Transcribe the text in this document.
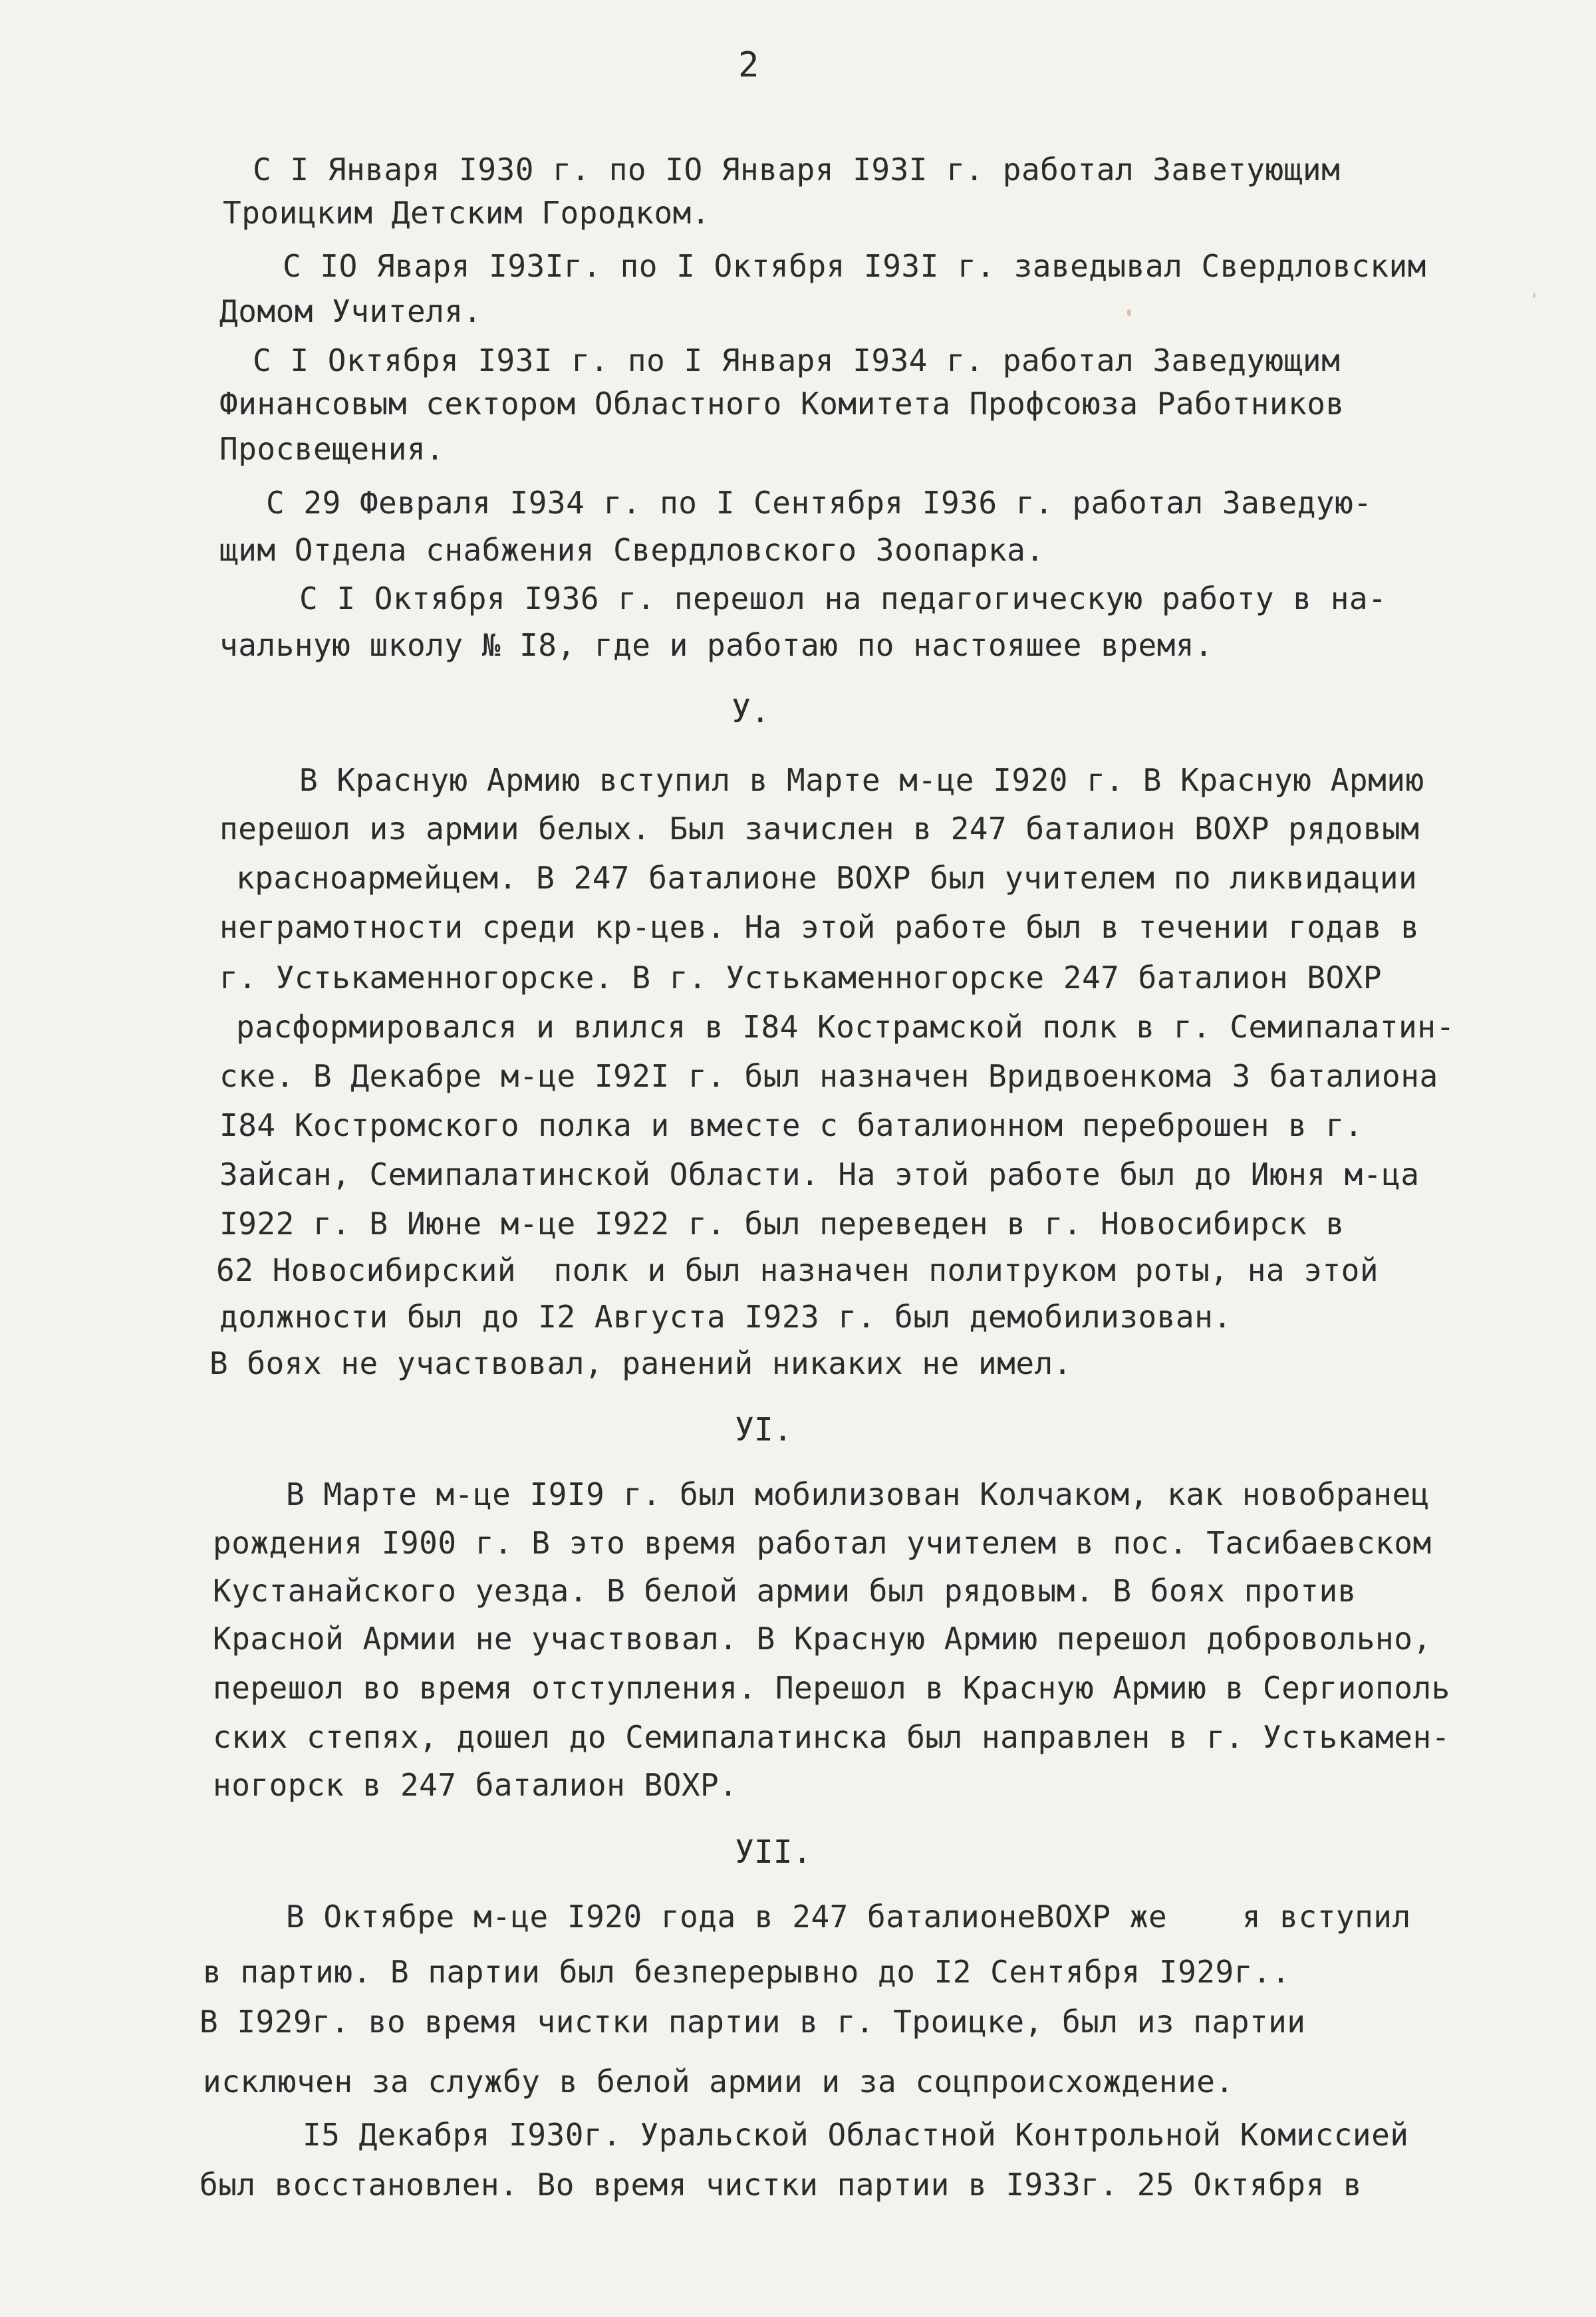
2
С I Января I930 г. по IO Января I93I г. работал Заветующим
Троицким Детским Городком.
С IO Яваря I93Iг. по I Октября I93I г. заведывал Свердловским
Домом Учителя.
С I Октября I93I г. по I Января I934 г. работал Заведующим
Финансовым сектором Областного Комитета Профсоюза Работников
Просвещения.
С 29 Февраля I934 г. по I Сентября I936 г. работал Заведую-
щим Отдела снабжения Свердловского Зоопарка.
С I Октября I936 г. перешол на педагогическую работу в на-
чальную школу № I8, где и работаю по настояшее время.
У.
В Красную Армию вступил в Марте м-це I920 г. В Красную Армию
перешол из армии белых. Был зачислен в 247 баталион ВОХР рядовым
красноармейцем. В 247 баталионе ВОХР был учителем по ликвидации
неграмотности среди кр-цев. На этой работе был в течении годав в
г. Устькаменногорске. В г. Устькаменногорске 247 баталион ВОХР
расформировался и влился в I84 Кострамской полк в г. Семипалатин-
ске. В Декабре м-це I92I г. был назначен Вридвоенкома 3 баталиона
I84 Костромского полка и вместе с баталионном переброшен в г.
Зайсан, Семипалатинской Области. На этой работе был до Июня м-ца
I922 г. В Июне м-це I922 г. был переведен в г. Новосибирск в
62 Новосибирский  полк и был назначен политруком роты, на этой
должности был до I2 Августа I923 г. был демобилизован.
В боях не участвовал, ранений никаких не имел.
УI.
В Марте м-це I9I9 г. был мобилизован Колчаком, как новобранец
рождения I900 г. В это время работал учителем в пос. Тасибаевском
Кустанайского уезда. В белой армии был рядовым. В боях против
Красной Армии не участвовал. В Красную Армию перешол добровольно,
перешол во время отступления. Перешол в Красную Армию в Сергиополь
ских степях, дошел до Семипалатинска был направлен в г. Устькамен-
ногорск в 247 баталион ВОХР.
УII.
В Октябре м-це I920 года в 247 баталионеВОХР же    я вступил
в партию. В партии был безперерывно до I2 Сентября I929г..
В I929г. во время чистки партии в г. Троицке, был из партии
исключен за службу в белой армии и за соцпроисхождение.
I5 Декабря I930г. Уральской Областной Контрольной Комиссией
был восстановлен. Во время чистки партии в I933г. 25 Октября в
